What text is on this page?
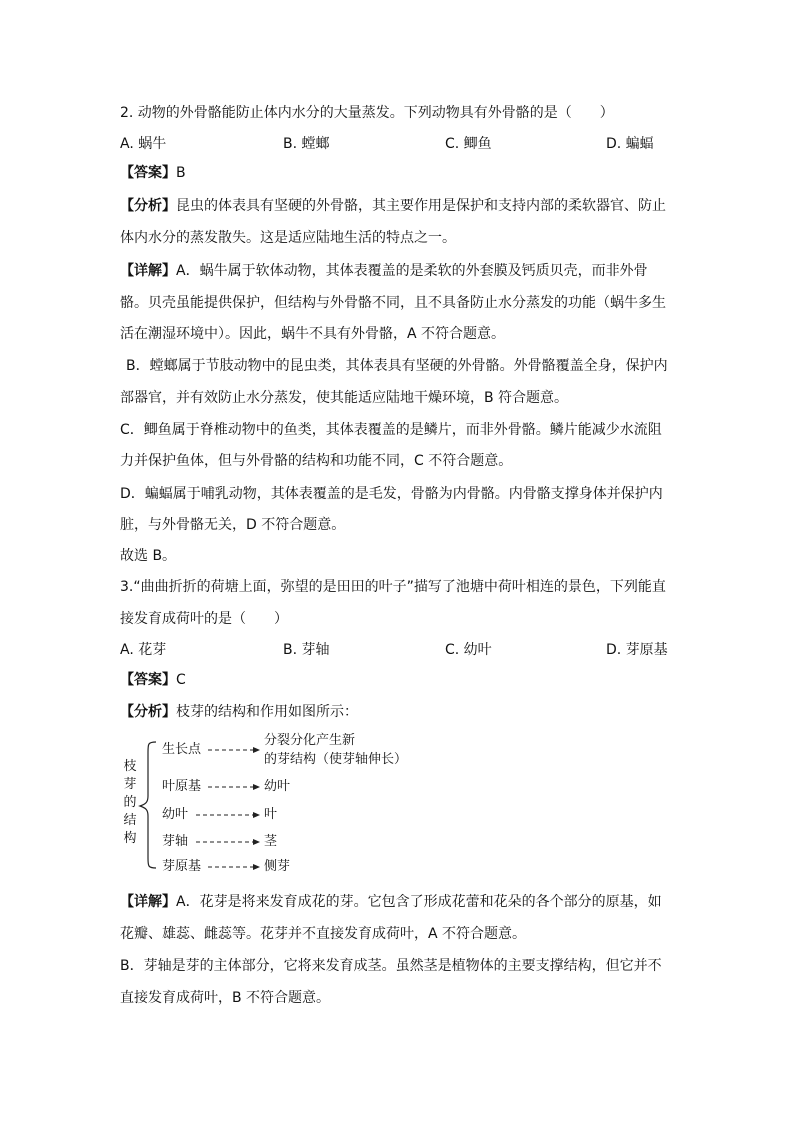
2. 动物的外骨骼能防止体内水分的大量蒸发。下列动物具有外骨骼的是（　　）
A. 蜗牛	B. 螳螂	C. 鲫鱼	D. 蝙蝠
【答案】B
【分析】昆虫的体表具有坚硬的外骨骼，其主要作用是保护和支持内部的柔软器官、防止
体内水分的蒸发散失。这是适应陆地生活的特点之一。
【详解】A．蜗牛属于软体动物，其体表覆盖的是柔软的外套膜及钙质贝壳，而非外骨
骼。贝壳虽能提供保护，但结构与外骨骼不同，且不具备防止水分蒸发的功能（蜗牛多生
活在潮湿环境中）。因此，蜗牛不具有外骨骼，A 不符合题意。
B．螳螂属于节肢动物中的昆虫类，其体表具有坚硬的外骨骼。外骨骼覆盖全身，保护内
部器官，并有效防止水分蒸发，使其能适应陆地干燥环境，B 符合题意。
C．鲫鱼属于脊椎动物中的鱼类，其体表覆盖的是鳞片，而非外骨骼。鳞片能减少水流阻
力并保护鱼体，但与外骨骼的结构和功能不同，C 不符合题意。
D．蝙蝠属于哺乳动物，其体表覆盖的是毛发，骨骼为内骨骼。内骨骼支撑身体并保护内
脏，与外骨骼无关，D 不符合题意。
故选 B。
3.“曲曲折折的荷塘上面，弥望的是田田的叶子”描写了池塘中荷叶相连的景色，下列能直
接发育成荷叶的是（　　）
A. 花芽	B. 芽轴	C. 幼叶	D. 芽原基
【答案】C
【分析】枝芽的结构和作用如图所示：
枝
芽
的
结
构
生长点
分裂分化产生新
的芽结构（使芽轴伸长）
叶原基	幼叶
幼叶	叶
芽轴	茎
芽原基	侧芽
【详解】A．花芽是将来发育成花的芽。它包含了形成花蕾和花朵的各个部分的原基，如
花瓣、雄蕊、雌蕊等。花芽并不直接发育成荷叶，A 不符合题意。
B．芽轴是芽的主体部分，它将来发育成茎。虽然茎是植物体的主要支撑结构，但它并不
直接发育成荷叶，B 不符合题意。
